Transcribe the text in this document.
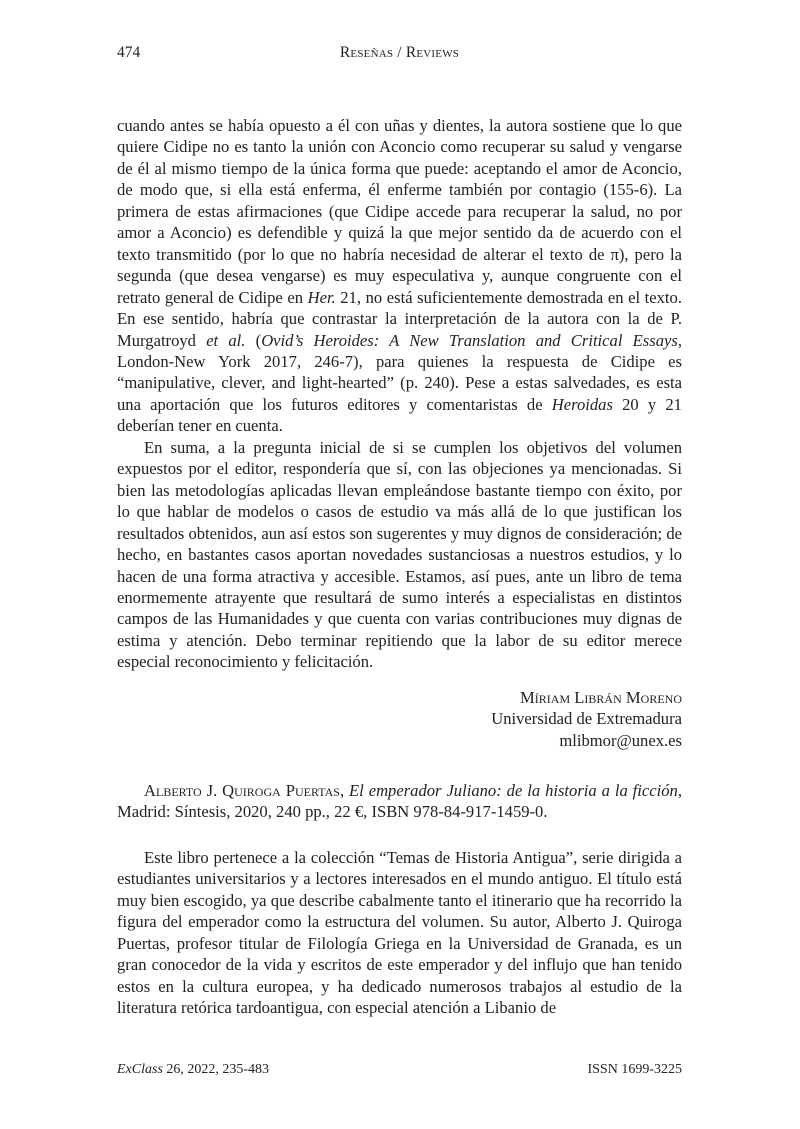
474	Reseñas / Reviews

cuando antes se había opuesto a él con uñas y dientes, la autora sostiene que lo que quiere Cidipe no es tanto la unión con Aconcio como recuperar su salud y vengarse de él al mismo tiempo de la única forma que puede: aceptando el amor de Aconcio, de modo que, si ella está enferma, él enferme también por contagio (155-6). La primera de estas afirmaciones (que Cidipe accede para recuperar la salud, no por amor a Aconcio) es defendible y quizá la que mejor sentido da de acuerdo con el texto transmitido (por lo que no habría necesidad de alterar el texto de π), pero la segunda (que desea vengarse) es muy especulativa y, aunque congruente con el retrato general de Cidipe en Her. 21, no está suficientemente demostrada en el texto. En ese sentido, habría que contrastar la interpretación de la autora con la de P. Murgatroyd et al. (Ovid’s Heroides: A New Translation and Critical Essays, London-New York 2017, 246-7), para quienes la respuesta de Cidipe es “manipulative, clever, and light-hearted” (p. 240). Pese a estas salvedades, es esta una aportación que los futuros editores y comentaristas de Heroidas 20 y 21 deberían tener en cuenta.

En suma, a la pregunta inicial de si se cumplen los objetivos del volumen expuestos por el editor, respondería que sí, con las objeciones ya mencionadas. Si bien las metodologías aplicadas llevan empleándose bastante tiempo con éxito, por lo que hablar de modelos o casos de estudio va más allá de lo que justifican los resultados obtenidos, aun así estos son sugerentes y muy dignos de consideración; de hecho, en bastantes casos aportan novedades sustanciosas a nuestros estudios, y lo hacen de una forma atractiva y accesible. Estamos, así pues, ante un libro de tema enormemente atrayente que resultará de sumo interés a especialistas en distintos campos de las Humanidades y que cuenta con varias contribuciones muy dignas de estima y atención. Debo terminar repitiendo que la labor de su editor merece especial reconocimiento y felicitación.

Míriam Librán Moreno
Universidad de Extremadura
mlibmor@unex.es

Alberto J. Quiroga Puertas, El emperador Juliano: de la historia a la ficción, Madrid: Síntesis, 2020, 240 pp., 22 €, ISBN 978-84-917-1459-0.

Este libro pertenece a la colección “Temas de Historia Antigua”, serie dirigida a estudiantes universitarios y a lectores interesados en el mundo antiguo. El título está muy bien escogido, ya que describe cabalmente tanto el itinerario que ha recorrido la figura del emperador como la estructura del volumen. Su autor, Alberto J. Quiroga Puertas, profesor titular de Filología Griega en la Universidad de Granada, es un gran conocedor de la vida y escritos de este emperador y del influjo que han tenido estos en la cultura europea, y ha dedicado numerosos trabajos al estudio de la literatura retórica tardoantigua, con especial atención a Libanio de

ExClass 26, 2022, 235-483	ISSN 1699-3225
